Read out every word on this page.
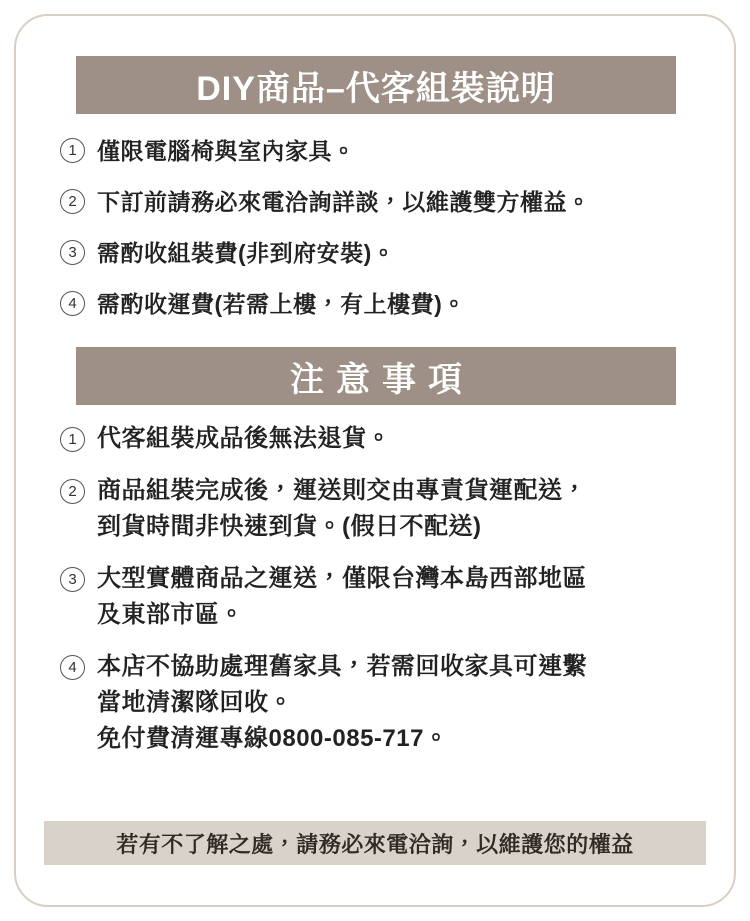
DIY商品–代客組裝說明
1 僅限電腦椅與室內家具。
2 下訂前請務必來電洽詢詳談，以維護雙方權益。
3 需酌收組裝費(非到府安裝)。
4 需酌收運費(若需上樓，有上樓費)。
注意事項
1 代客組裝成品後無法退貨。
2 商品組裝完成後，運送則交由專責貨運配送，
到貨時間非快速到貨。(假日不配送)
3 大型實體商品之運送，僅限台灣本島西部地區
及東部市區。
4 本店不協助處理舊家具，若需回收家具可連繫
當地清潔隊回收。
免付費清運專線0800-085-717。
若有不了解之處，請務必來電洽詢，以維護您的權益
